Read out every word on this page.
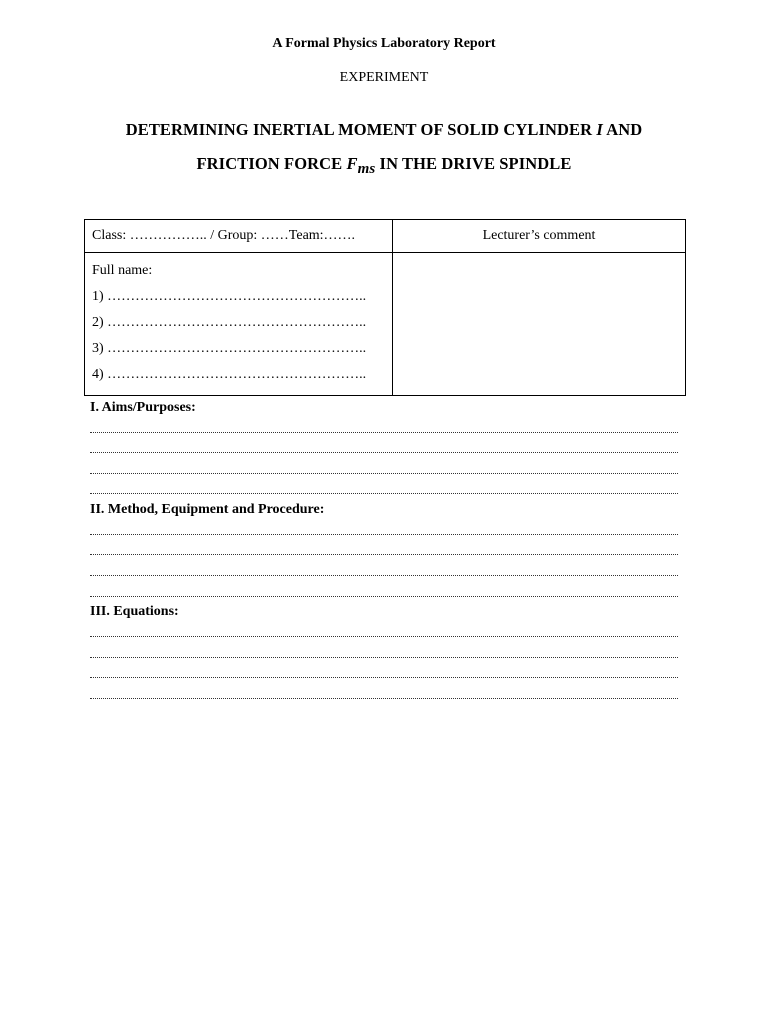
A Formal Physics Laboratory Report
EXPERIMENT
DETERMINING INERTIAL MOMENT OF SOLID CYLINDER I AND
FRICTION FORCE Fms IN THE DRIVE SPINDLE
Class: …………….. / Group: ……Team:…….	Lecturer’s comment

Full name:
1) ………………………………………………..
2) ………………………………………………..
3) ………………………………………………..
4) ………………………………………………..	

I. Aims/Purposes:
II. Method, Equipment and Procedure:
III. Equations:
